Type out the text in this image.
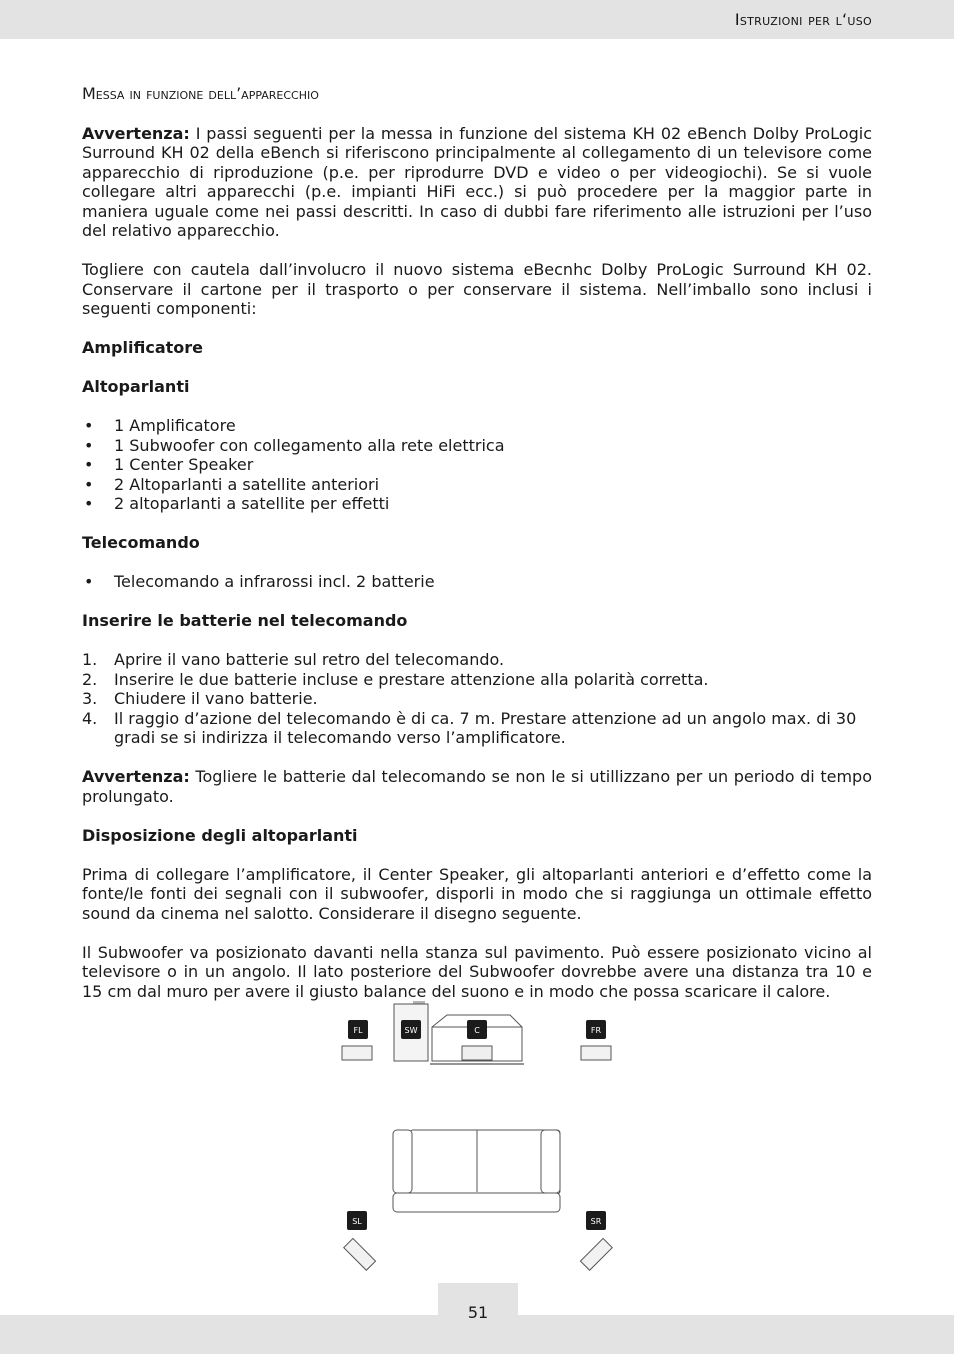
Istruzioni per l‘uso
Messa in funzione dell’apparecchio

Avvertenza: I passi seguenti per la messa in funzione del sistema KH 02 eBench Dolby ProLogic Surround KH 02 della eBench si riferiscono principalmente al collegamento di un televisore come apparecchio di riproduzione (p.e. per riprodurre DVD e video o per videogiochi). Se si vuole collegare altri apparecchi (p.e. impianti HiFi ecc.) si può procedere per la maggior parte in maniera uguale come nei passi descritti. In caso di dubbi fare riferimento alle istruzioni per l’uso del relativo apparecchio.

Togliere con cautela dall’involucro il nuovo sistema eBecnhc Dolby ProLogic Surround KH 02. Conservare il cartone per il trasporto o per conservare il sistema. Nell’imballo sono inclusi i seguenti componenti:

Amplificatore
Altoparlanti
• 1 Amplificatore
• 1 Subwoofer con collegamento alla rete elettrica
• 1 Center Speaker
• 2 Altoparlanti a satellite anteriori
• 2 altoparlanti a satellite per effetti
Telecomando
• Telecomando a infrarossi incl. 2 batterie
Inserire le batterie nel telecomando
1. Aprire il vano batterie sul retro del telecomando.
2. Inserire le due batterie incluse e prestare attenzione alla polarità corretta.
3. Chiudere il vano batterie.
4. Il raggio d’azione del telecomando è di ca. 7 m. Prestare attenzione ad un angolo max. di 30 gradi se si indirizza il telecomando verso l’amplificatore.

Avvertenza: Togliere le batterie dal telecomando se non le si utillizzano per un periodo di tempo prolungato.

Disposizione degli altoparlanti

Prima di collegare l’amplificatore, il Center Speaker, gli altoparlanti anteriori e d’effetto come la fonte/le fonti dei segnali con il subwoofer, disporli in modo che si raggiunga un ottimale effetto sound da cinema nel salotto. Considerare il disegno seguente.

Il Subwoofer va posizionato davanti nella stanza sul pavimento. Può essere posizionato vicino al televisore o in un angolo. Il lato posteriore del Subwoofer dovrebbe avere una distanza tra 10 e 15 cm dal muro per avere il giusto balance del suono e in modo che possa scaricare il calore.

FL	SW	C	FR
SL	SR
51
